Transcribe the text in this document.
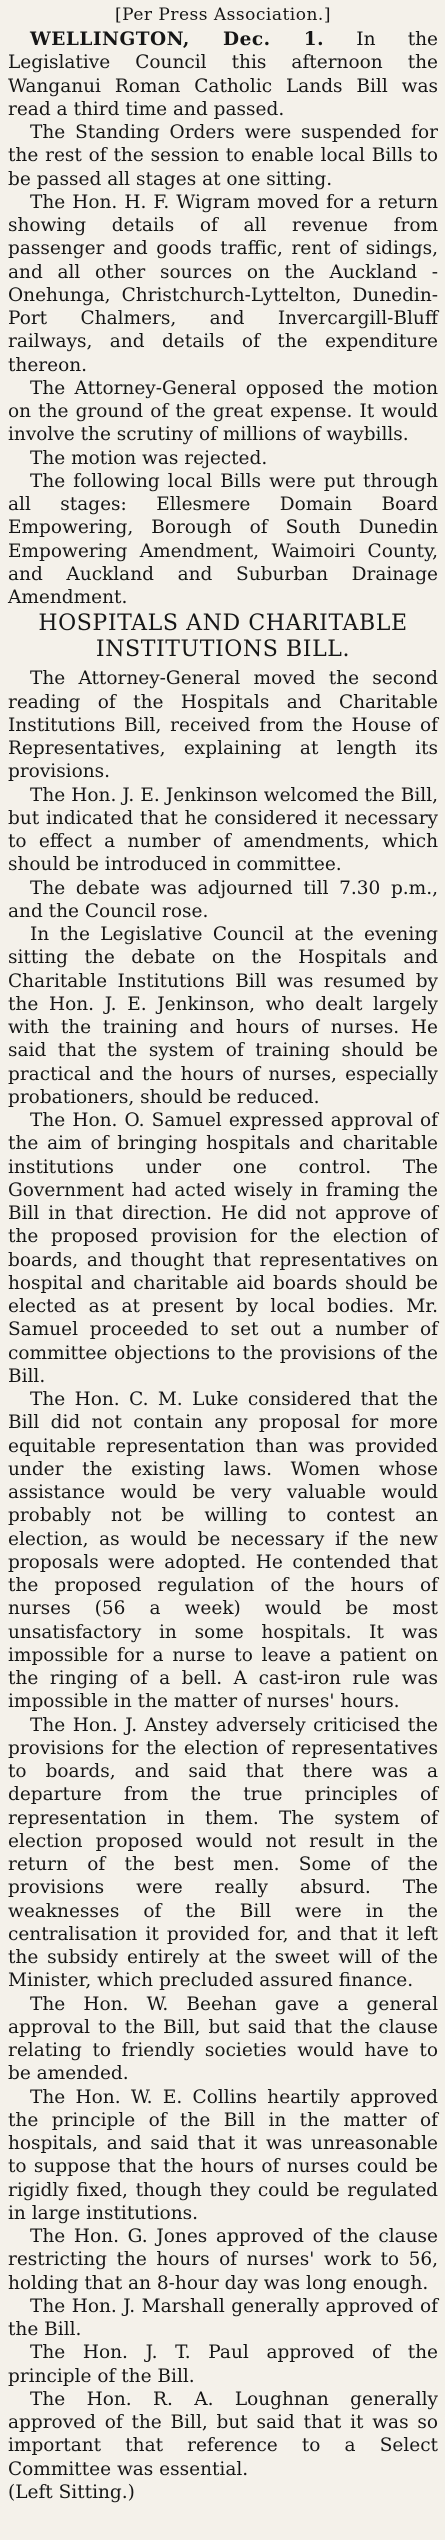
[Per Press Association.]

WELLINGTON, Dec. 1. In the Legislative Council this afternoon the Wanganui Roman Catholic Lands Bill was read a third time and passed.

The Standing Orders were suspended for the rest of the session to enable local Bills to be passed all stages at one sitting.

The Hon. H. F. Wigram moved for a return showing details of all revenue from passenger and goods traffic, rent of sidings, and all other sources on the Auckland - Onehunga, Christchurch-Lyttelton, Dunedin-Port Chalmers, and Invercargill-Bluff railways, and details of the expenditure thereon.

The Attorney-General opposed the motion on the ground of the great expense. It would involve the scrutiny of millions of waybills.

The motion was rejected.

The following local Bills were put through all stages: Ellesmere Domain Board Empowering, Borough of South Dunedin Empowering Amendment, Waimoiri County, and Auckland and Suburban Drainage Amendment.

HOSPITALS AND CHARITABLE INSTITUTIONS BILL.

The Attorney-General moved the second reading of the Hospitals and Charitable Institutions Bill, received from the House of Representatives, explaining at length its provisions.

The Hon. J. E. Jenkinson welcomed the Bill, but indicated that he considered it necessary to effect a number of amendments, which should be introduced in committee.

The debate was adjourned till 7.30 p.m., and the Council rose.

In the Legislative Council at the evening sitting the debate on the Hospitals and Charitable Institutions Bill was resumed by the Hon. J. E. Jenkinson, who dealt largely with the training and hours of nurses. He said that the system of training should be practical and the hours of nurses, especially probationers, should be reduced.

The Hon. O. Samuel expressed approval of the aim of bringing hospitals and charitable institutions under one control. The Government had acted wisely in framing the Bill in that direction. He did not approve of the proposed provision for the election of boards, and thought that representatives on hospital and charitable aid boards should be elected as at present by local bodies. Mr. Samuel proceeded to set out a number of committee objections to the provisions of the Bill.

The Hon. C. M. Luke considered that the Bill did not contain any proposal for more equitable representation than was provided under the existing laws. Women whose assistance would be very valuable would probably not be willing to contest an election, as would be necessary if the new proposals were adopted. He contended that the proposed regulation of the hours of nurses (56 a week) would be most unsatisfactory in some hospitals. It was impossible for a nurse to leave a patient on the ringing of a bell. A cast-iron rule was impossible in the matter of nurses' hours.

The Hon. J. Anstey adversely criticised the provisions for the election of representatives to boards, and said that there was a departure from the true principles of representation in them. The system of election proposed would not result in the return of the best men. Some of the provisions were really absurd. The weaknesses of the Bill were in the centralisation it provided for, and that it left the subsidy entirely at the sweet will of the Minister, which precluded assured finance.

The Hon. W. Beehan gave a general approval to the Bill, but said that the clause relating to friendly societies would have to be amended.

The Hon. W. E. Collins heartily approved the principle of the Bill in the matter of hospitals, and said that it was unreasonable to suppose that the hours of nurses could be rigidly fixed, though they could be regulated in large institutions.

The Hon. G. Jones approved of the clause restricting the hours of nurses' work to 56, holding that an 8-hour day was long enough.

The Hon. J. Marshall generally approved of the Bill.

The Hon. J. T. Paul approved of the principle of the Bill.

The Hon. R. A. Loughnan generally approved of the Bill, but said that it was so important that reference to a Select Committee was essential.

(Left Sitting.)
